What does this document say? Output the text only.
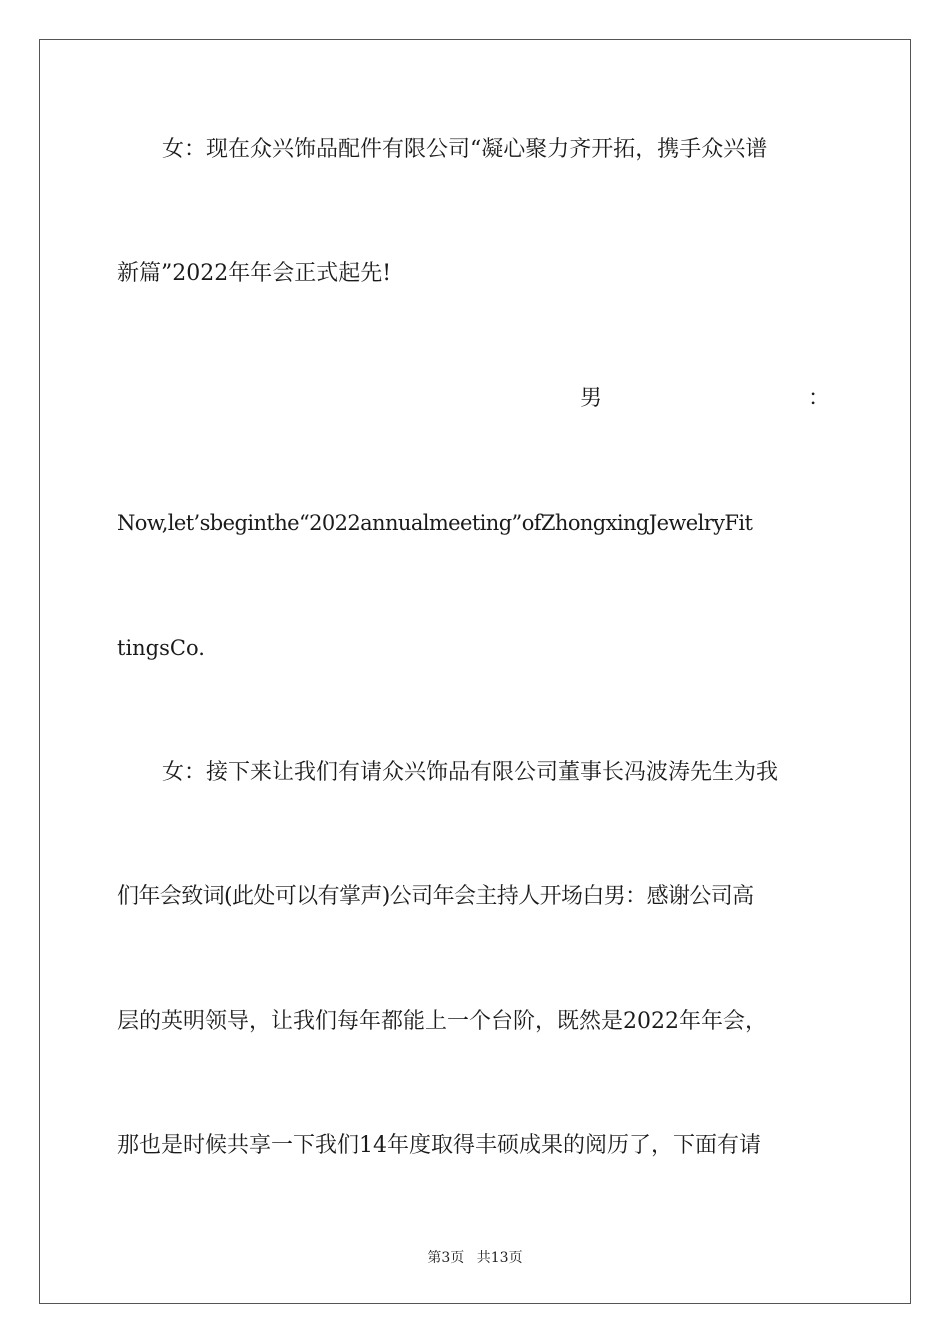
女：现在众兴饰品配件有限公司“凝心聚力齐开拓，携手众兴谱
新篇”2022年年会正式起先!
男	：
Now,let’sbeginthe“2022annualmeeting”ofZhongxingJewelryFit
tingsCo.
女：接下来让我们有请众兴饰品有限公司董事长冯波涛先生为我
们年会致词(此处可以有掌声)公司年会主持人开场白男：感谢公司高
层的英明领导，让我们每年都能上一个台阶，既然是2022年年会，
那也是时候共享一下我们14年度取得丰硕成果的阅历了，下面有请
第3页 共13页
